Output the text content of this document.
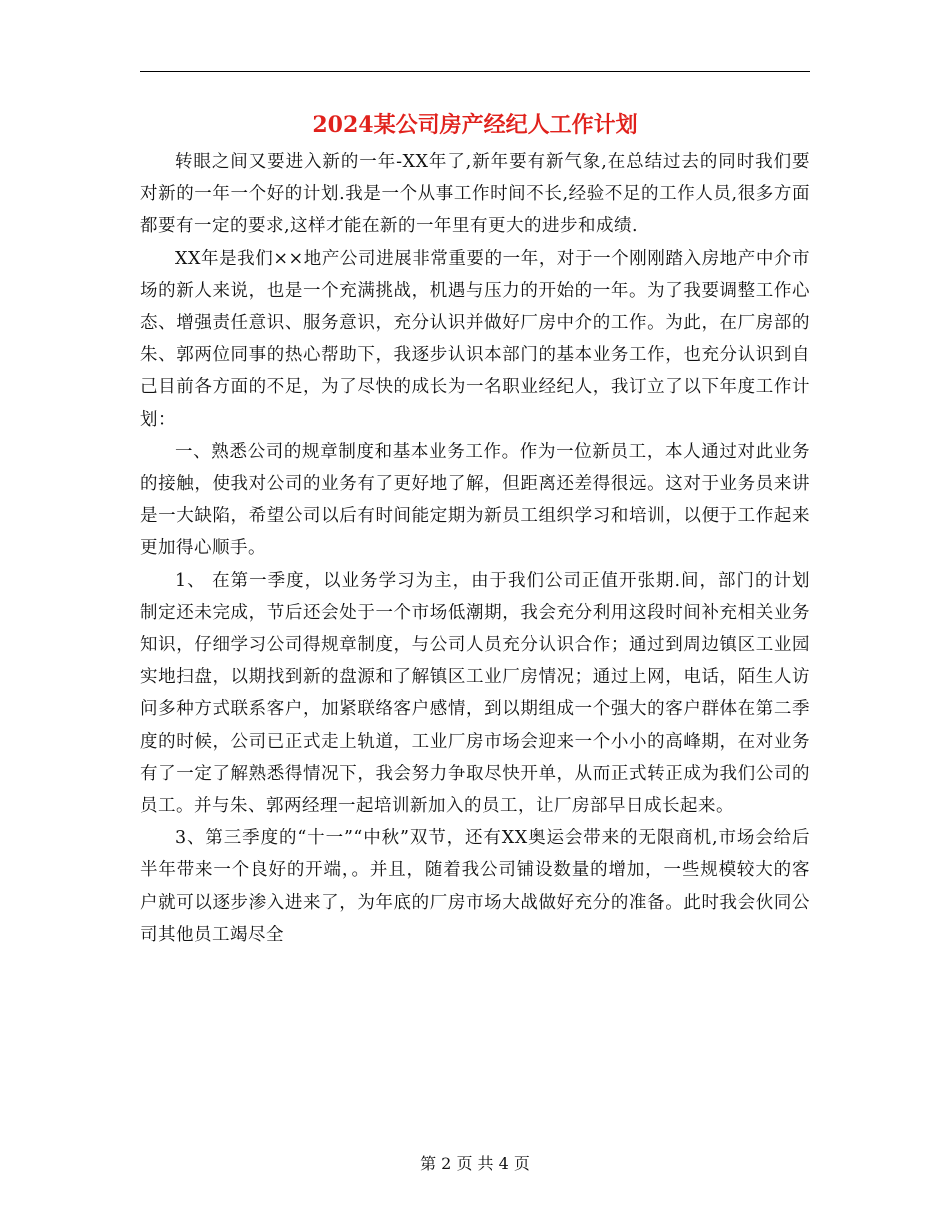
2024某公司房产经纪人工作计划

转眼之间又要进入新的一年-XX年了,新年要有新气象,在总结过去的同时我们要对新的一年一个好的计划.我是一个从事工作时间不长,经验不足的工作人员,很多方面都要有一定的要求,这样才能在新的一年里有更大的进步和成绩.

XX年是我们××地产公司进展非常重要的一年，对于一个刚刚踏入房地产中介市场的新人来说，也是一个充满挑战，机遇与压力的开始的一年。为了我要调整工作心态、增强责任意识、服务意识，充分认识并做好厂房中介的工作。为此，在厂房部的朱、郭两位同事的热心帮助下，我逐步认识本部门的基本业务工作，也充分认识到自己目前各方面的不足，为了尽快的成长为一名职业经纪人，我订立了以下年度工作计划：

一、熟悉公司的规章制度和基本业务工作。作为一位新员工，本人通过对此业务的接触，使我对公司的业务有了更好地了解，但距离还差得很远。这对于业务员来讲是一大缺陷，希望公司以后有时间能定期为新员工组织学习和培训，以便于工作起来更加得心顺手。

1、 在第一季度，以业务学习为主，由于我们公司正值开张期.间，部门的计划制定还未完成，节后还会处于一个市场低潮期，我会充分利用这段时间补充相关业务知识，仔细学习公司得规章制度，与公司人员充分认识合作；通过到周边镇区工业园实地扫盘，以期找到新的盘源和了解镇区工业厂房情况；通过上网，电话，陌生人访问多种方式联系客户，加紧联络客户感情，到以期组成一个强大的客户群体在第二季度的时候，公司已正式走上轨道，工业厂房市场会迎来一个小小的高峰期，在对业务有了一定了解熟悉得情况下，我会努力争取尽快开单，从而正式转正成为我们公司的员工。并与朱、郭两经理一起培训新加入的员工，让厂房部早日成长起来。

3、第三季度的“十一”“中秋”双节，还有XX奥运会带来的无限商机,市场会给后半年带来一个良好的开端，。并且，随着我公司铺设数量的增加，一些规模较大的客户就可以逐步渗入进来了，为年底的厂房市场大战做好充分的准备。此时我会伙同公司其他员工竭尽全

第 2 页 共 4 页
